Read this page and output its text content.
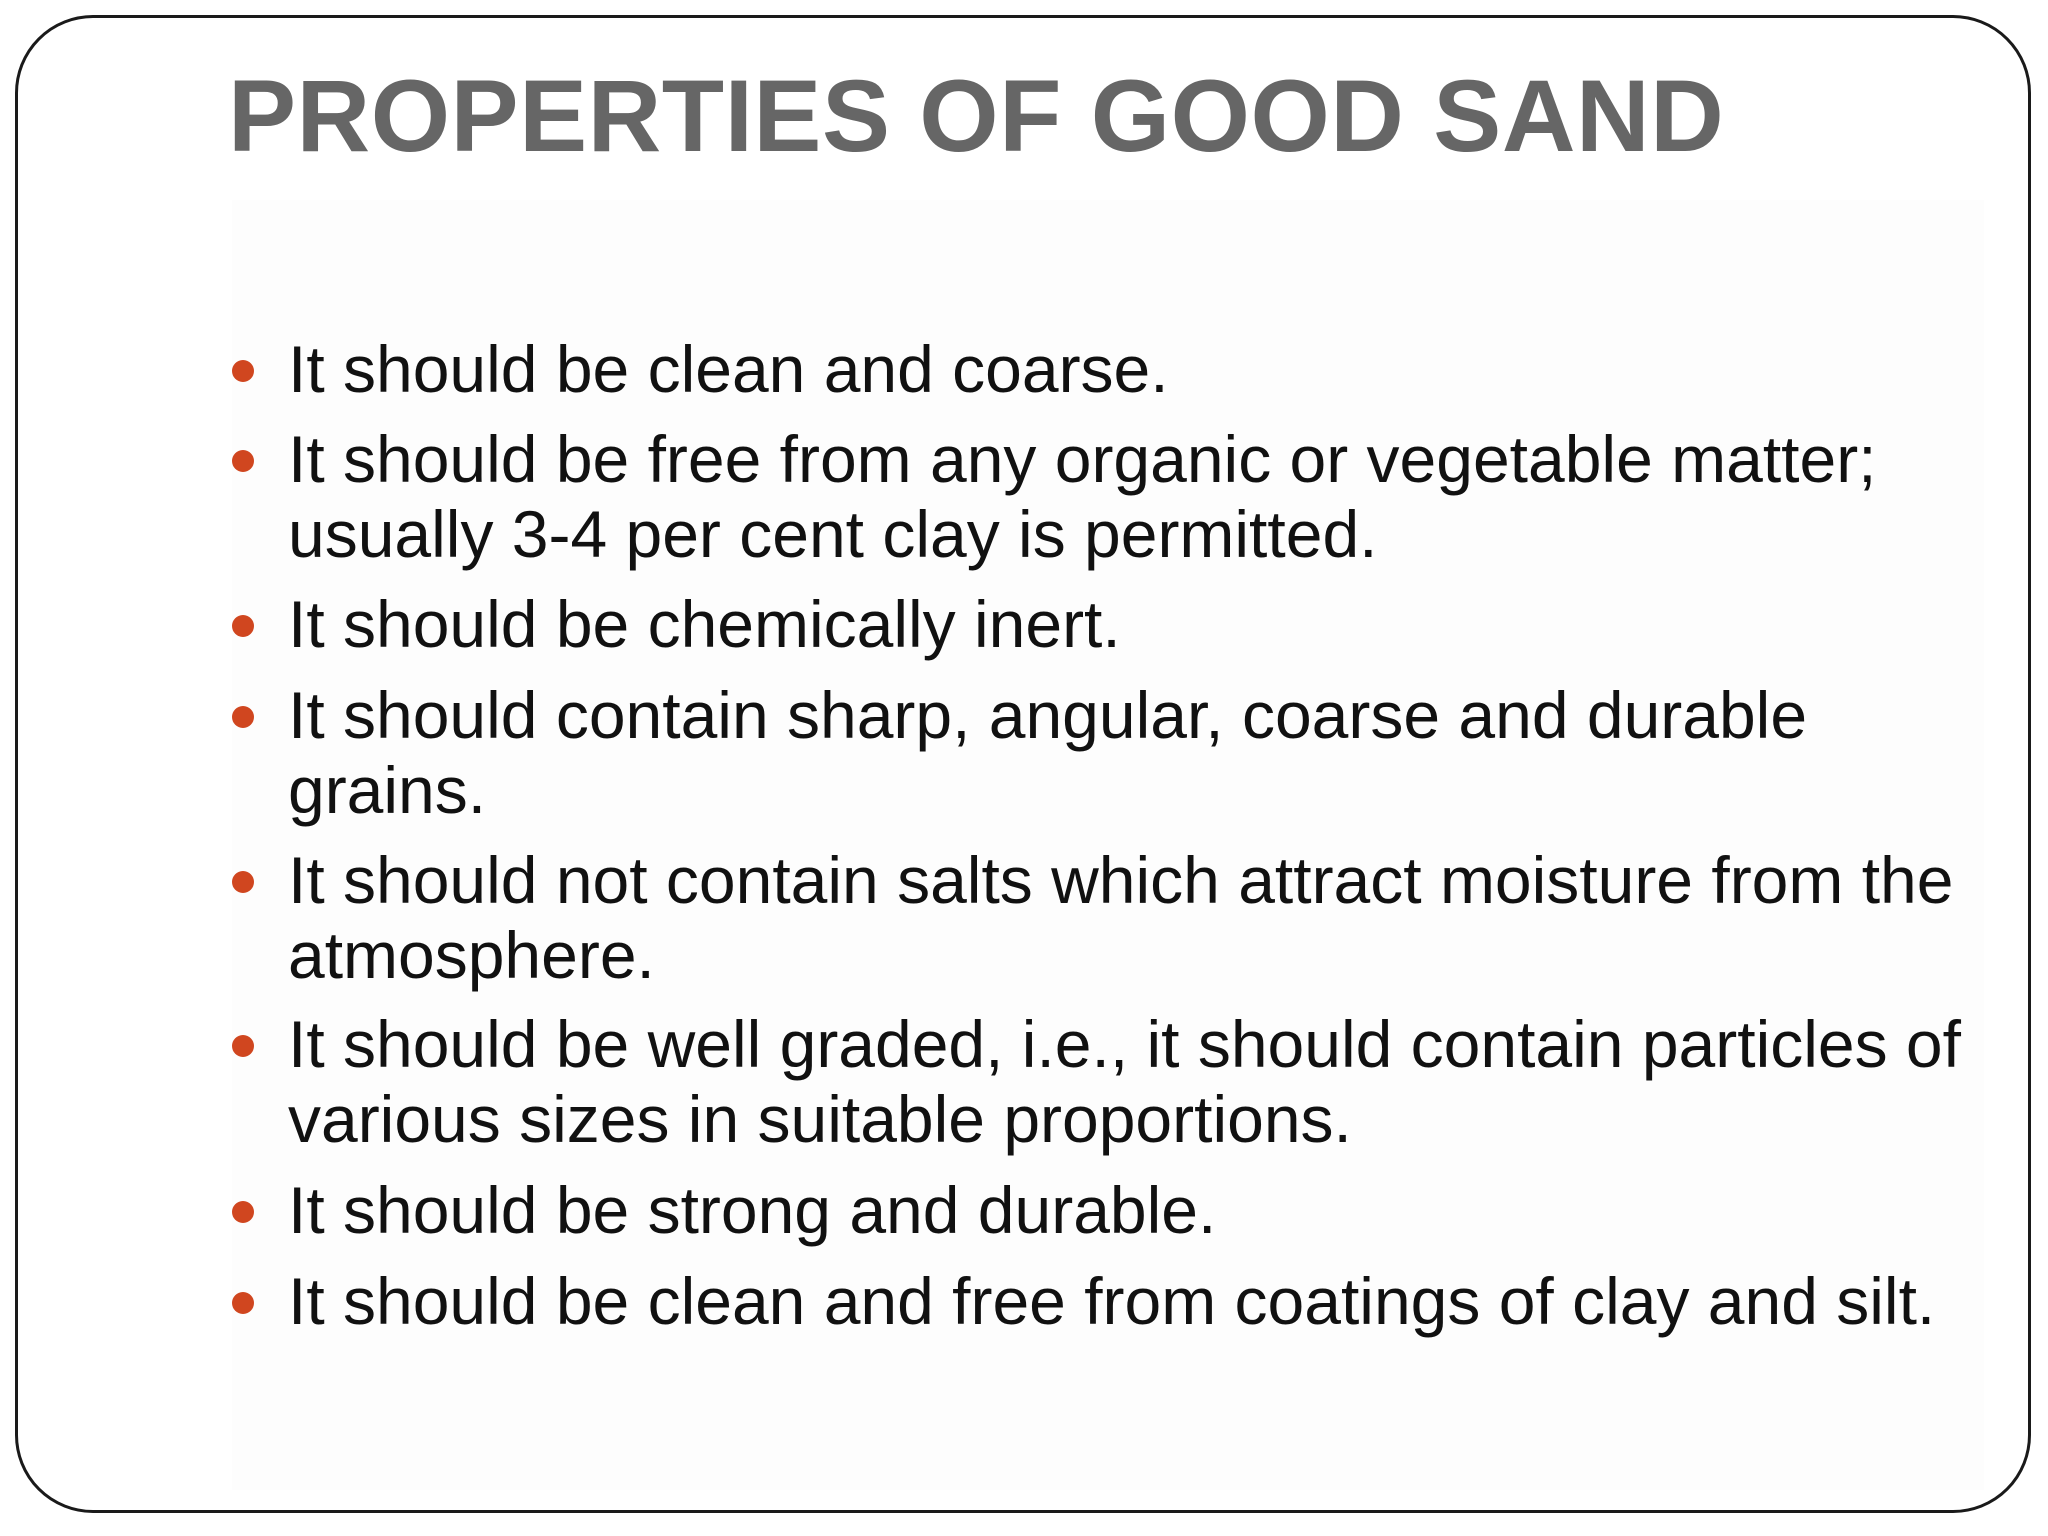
PROPERTIES OF GOOD SAND
It should be clean and coarse.
It should be free from any organic or vegetable matter; usually 3-4 per cent clay is permitted.
It should be chemically inert.
It should contain sharp, angular, coarse and durable grains.
It should not contain salts which attract moisture from the atmosphere.
It should be well graded, i.e., it should contain particles of various sizes in suitable proportions.
It should be strong and durable.
It should be clean and free from coatings of clay and silt.
